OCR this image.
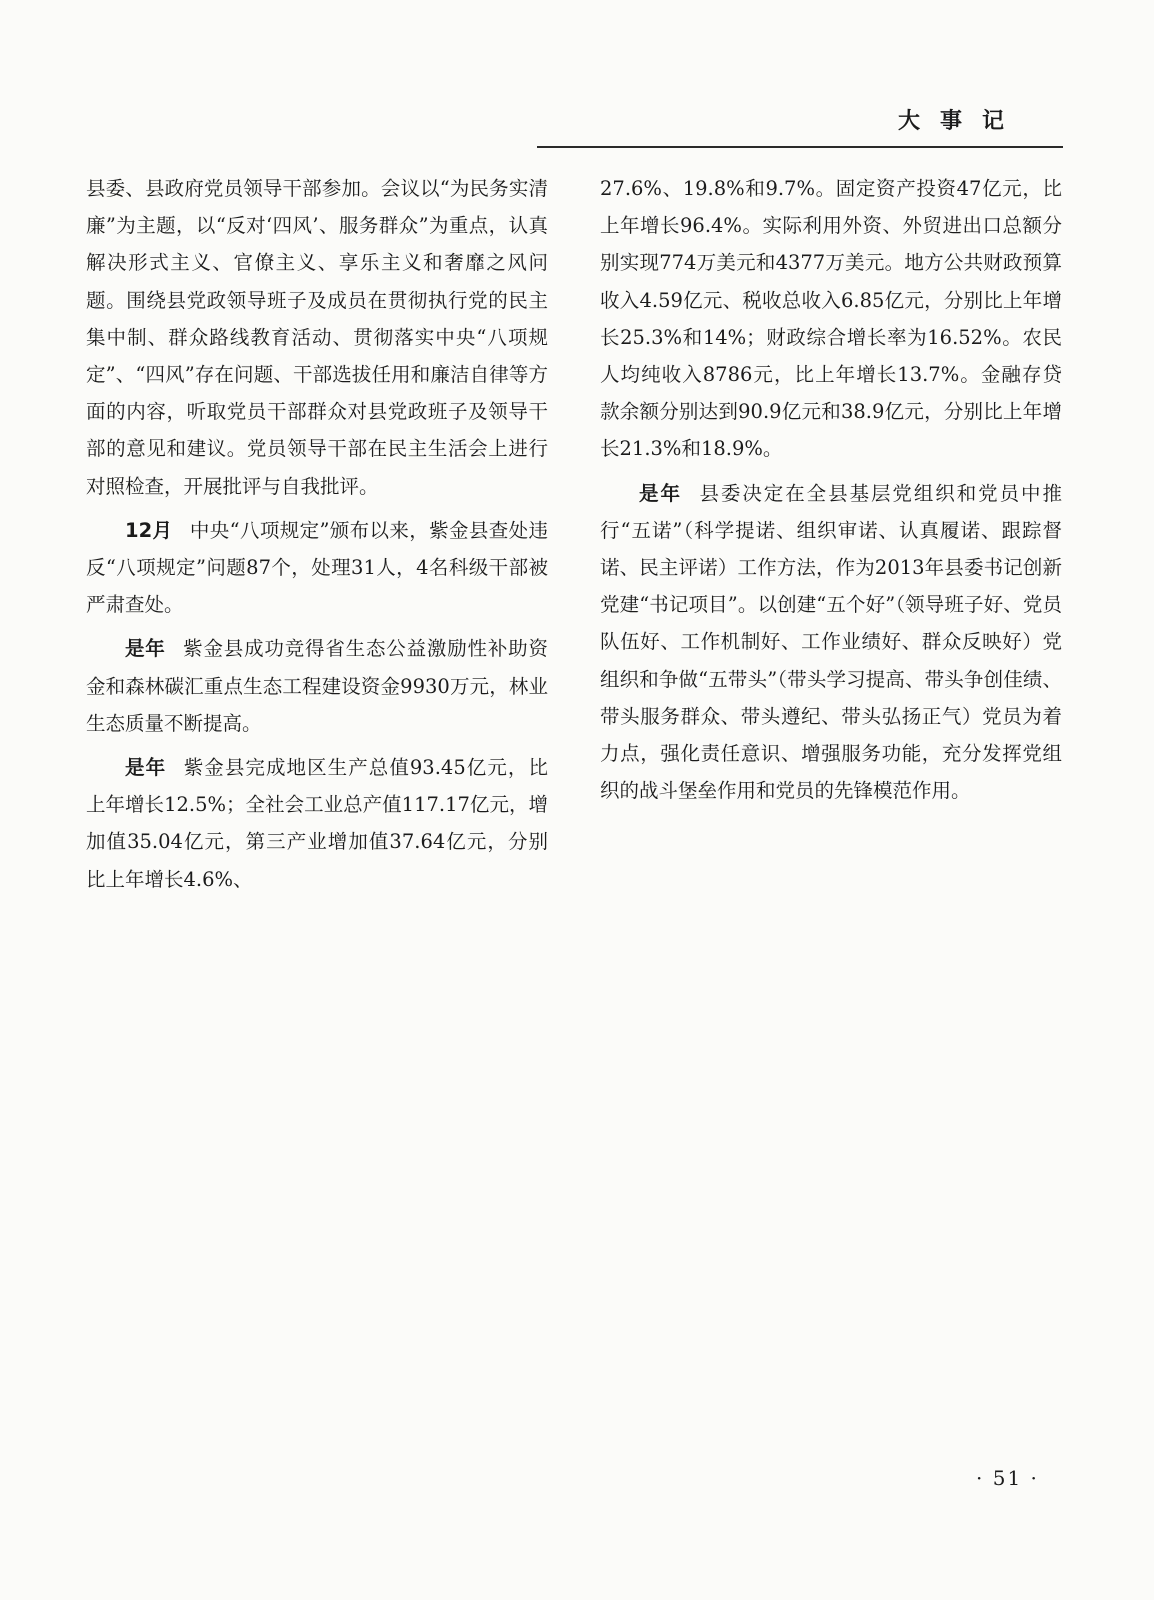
大事记

县委、县政府党员领导干部参加。会议以“为民务实清廉”为主题，以“反对‘四风’、服务群众”为重点，认真解决形式主义、官僚主义、享乐主义和奢靡之风问题。围绕县党政领导班子及成员在贯彻执行党的民主集中制、群众路线教育活动、贯彻落实中央“八项规定”、“四风”存在问题、干部选拔任用和廉洁自律等方面的内容，听取党员干部群众对县党政班子及领导干部的意见和建议。党员领导干部在民主生活会上进行对照检查，开展批评与自我批评。

12月 中央“八项规定”颁布以来，紫金县查处违反“八项规定”问题87个，处理31人，4名科级干部被严肃查处。

是年 紫金县成功竞得省生态公益激励性补助资金和森林碳汇重点生态工程建设资金9930万元，林业生态质量不断提高。

是年 紫金县完成地区生产总值93.45亿元，比上年增长12.5%；全社会工业总产值117.17亿元，增加值35.04亿元，第三产业增加值37.64亿元，分别比上年增长4.6%、

27.6%、19.8%和9.7%。固定资产投资47亿元，比上年增长96.4%。实际利用外资、外贸进出口总额分别实现774万美元和4377万美元。地方公共财政预算收入4.59亿元、税收总收入6.85亿元，分别比上年增长25.3%和14%；财政综合增长率为16.52%。农民人均纯收入8786元，比上年增长13.7%。金融存贷款余额分别达到90.9亿元和38.9亿元，分别比上年增长21.3%和18.9%。

是年 县委决定在全县基层党组织和党员中推行“五诺”（科学提诺、组织审诺、认真履诺、跟踪督诺、民主评诺）工作方法，作为2013年县委书记创新党建“书记项目”。以创建“五个好”（领导班子好、党员队伍好、工作机制好、工作业绩好、群众反映好）党组织和争做“五带头”（带头学习提高、带头争创佳绩、带头服务群众、带头遵纪、带头弘扬正气）党员为着力点，强化责任意识、增强服务功能，充分发挥党组织的战斗堡垒作用和党员的先锋模范作用。

· 51 ·
